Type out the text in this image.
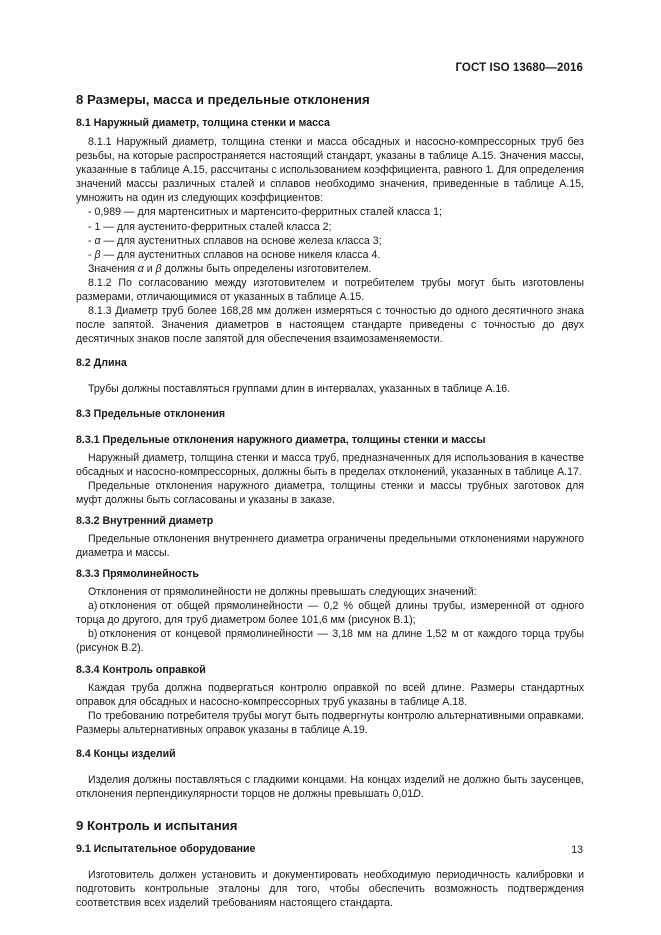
ГОСТ ISO 13680—2016
8 Размеры, масса и предельные отклонения
8.1 Наружный диаметр, толщина стенки и масса

8.1.1 Наружный диаметр, толщина стенки и масса обсадных и насосно-компрессорных труб без резьбы, на которые распространяется настоящий стандарт, указаны в таблице А.15. Значения массы, указанные в таблице А.15, рассчитаны с использованием коэффициента, равного 1. Для определения значений массы различных сталей и сплавов необходимо значения, приведенные в таблице А.15, умножить на один из следующих коэффициентов:

- 0,989 — для мартенситных и мартенсито-ферритных сталей класса 1;

- 1 — для аустенито-ферритных сталей класса 2;

- α — для аустенитных сплавов на основе железа класса 3;

- β — для аустенитных сплавов на основе никеля класса 4.

Значения α и β должны быть определены изготовителем.

8.1.2 По согласованию между изготовителем и потребителем трубы могут быть изготовлены размерами, отличающимися от указанных в таблице А.15.

8.1.3 Диаметр труб более 168,28 мм должен измеряться с точностью до одного десятичного знака после запятой. Значения диаметров в настоящем стандарте приведены с точностью до двух десятичных знаков после запятой для обеспечения взаимозаменяемости.

8.2 Длина

Трубы должны поставляться группами длин в интервалах, указанных в таблице А.16.

8.3 Предельные отклонения
8.3.1 Предельные отклонения наружного диаметра, толщины стенки и массы

Наружный диаметр, толщина стенки и масса труб, предназначенных для использования в качестве обсадных и насосно-компрессорных, должны быть в пределах отклонений, указанных в таблице А.17.

Предельные отклонения наружного диаметра, толщины стенки и массы трубных заготовок для муфт должны быть согласованы и указаны в заказе.

8.3.2 Внутренний диаметр

Предельные отклонения внутреннего диаметра ограничены предельными отклонениями наружного диаметра и массы.

8.3.3 Прямолинейность

Отклонения от прямолинейности не должны превышать следующих значений:

a) отклонения от общей прямолинейности — 0,2 % общей длины трубы, измеренной от одного торца до другого, для труб диаметром более 101,6 мм (рисунок В.1);

b) отклонения от концевой прямолинейности — 3,18 мм на длине 1,52 м от каждого торца трубы (рисунок В.2).

8.3.4 Контроль оправкой

Каждая труба должна подвергаться контролю оправкой по всей длине. Размеры стандартных оправок для обсадных и насосно-компрессорных труб указаны в таблице А.18.

По требованию потребителя трубы могут быть подвергнуты контролю альтернативными оправками. Размеры альтернативных оправок указаны в таблице А.19.

8.4 Концы изделий

Изделия должны поставляться с гладкими концами. На концах изделий не должно быть заусенцев, отклонения перпендикулярности торцов не должны превышать 0,01D.

9 Контроль и испытания
9.1 Испытательное оборудование

Изготовитель должен установить и документировать необходимую периодичность калибровки и подготовить контрольные эталоны для того, чтобы обеспечить возможность подтверждения соответствия всех изделий требованиям настоящего стандарта.

13
